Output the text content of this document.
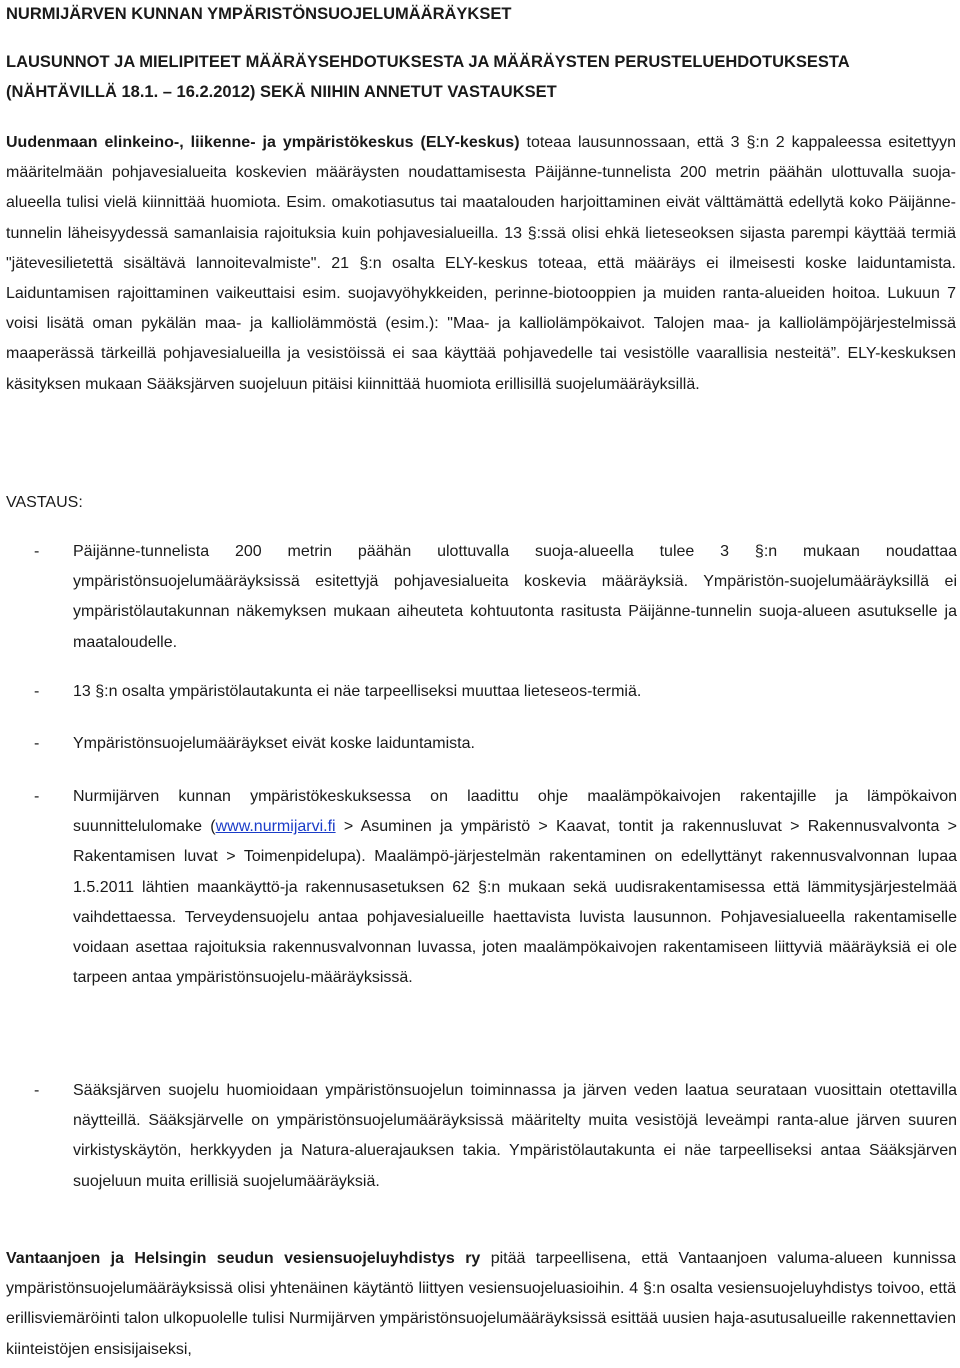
NURMIJÄRVEN KUNNAN YMPÄRISTÖNSUOJELUMÄÄRÄYKSET
LAUSUNNOT JA MIELIPITEET MÄÄRÄYSEHDOTUKSESTA JA MÄÄRÄYSTEN PERUSTELUEHDOTUKSESTA
(NÄHTÄVILLÄ 18.1. – 16.2.2012) SEKÄ NIIHIN ANNETUT VASTAUKSET

Uudenmaan elinkeino-, liikenne- ja ympäristökeskus (ELY-keskus) toteaa lausunnossaan, että 3 §:n 2 kappaleessa esitettyyn määritelmään pohjavesialueita koskevien määräysten noudattamisesta Päijänne-tunnelista 200 metrin päähän ulottuvalla suoja-alueella tulisi vielä kiinnittää huomiota. Esim. omakotiasutus tai maatalouden harjoittaminen eivät välttämättä edellytä koko Päijänne-tunnelin läheisyydessä samanlaisia rajoituksia kuin pohjavesialueilla. 13 §:ssä olisi ehkä lieteseoksen sijasta parempi käyttää termiä "jätevesilietettä sisältävä lannoitevalmiste". 21 §:n osalta ELY-keskus toteaa, että määräys ei ilmeisesti koske laiduntamista. Laiduntamisen rajoittaminen vaikeuttaisi esim. suojavyöhykkeiden, perinne-biotooppien ja muiden ranta-alueiden hoitoa. Lukuun 7 voisi lisätä oman pykälän maa- ja kalliolämmöstä (esim.): "Maa- ja kalliolämpökaivot. Talojen maa- ja kalliolämpöjärjestelmissä maaperässä tärkeillä pohjavesialueilla ja vesistöissä ei saa käyttää pohjavedelle tai vesistölle vaarallisia nesteitä”. ELY-keskuksen käsityksen mukaan Sääksjärven suojeluun pitäisi kiinnittää huomiota erillisillä suojelumääräyksillä.

VASTAUS:

- Päijänne-tunnelista 200 metrin päähän ulottuvalla suoja-alueella tulee 3 §:n mukaan noudattaa ympäristönsuojelumääräyksissä esitettyjä pohjavesialueita koskevia määräyksiä. Ympäristön-suojelumääräyksillä ei ympäristölautakunnan näkemyksen mukaan aiheuteta kohtuutonta rasitusta Päijänne-tunnelin suoja-alueen asutukselle ja maataloudelle.

- 13 §:n osalta ympäristölautakunta ei näe tarpeelliseksi muuttaa lieteseos-termiä.

- Ympäristönsuojelumääräykset eivät koske laiduntamista.

- Nurmijärven kunnan ympäristökeskuksessa on laadittu ohje maalämpökaivojen rakentajille ja lämpökaivon suunnittelulomake (www.nurmijarvi.fi > Asuminen ja ympäristö > Kaavat, tontit ja rakennusluvat > Rakennusvalvonta > Rakentamisen luvat > Toimenpidelupa). Maalämpö-järjestelmän rakentaminen on edellyttänyt rakennusvalvonnan lupaa 1.5.2011 lähtien maankäyttö-ja rakennusasetuksen 62 §:n mukaan sekä uudisrakentamisessa että lämmitysjärjestelmää vaihdettaessa. Terveydensuojelu antaa pohjavesialueille haettavista luvista lausunnon. Pohjavesialueella rakentamiselle voidaan asettaa rajoituksia rakennusvalvonnan luvassa, joten maalämpökaivojen rakentamiseen liittyviä määräyksiä ei ole tarpeen antaa ympäristönsuojelu-määräyksissä.

- Sääksjärven suojelu huomioidaan ympäristönsuojelun toiminnassa ja järven veden laatua seurataan vuosittain otettavilla näytteillä. Sääksjärvelle on ympäristönsuojelumääräyksissä määritelty muita vesistöjä leveämpi ranta-alue järven suuren virkistyskäytön, herkkyyden ja Natura-aluerajauksen takia. Ympäristölautakunta ei näe tarpeelliseksi antaa Sääksjärven suojeluun muita erillisiä suojelumääräyksiä.

Vantaanjoen ja Helsingin seudun vesiensuojeluyhdistys ry pitää tarpeellisena, että Vantaanjoen valuma-alueen kunnissa ympäristönsuojelumääräyksissä olisi yhtenäinen käytäntö liittyen vesiensuojeluasioihin. 4 §:n osalta vesiensuojeluyhdistys toivoo, että erillisviemäröinti talon ulkopuolelle tulisi Nurmijärven ympäristönsuojelumääräyksissä esittää uusien haja-asutusalueille rakennettavien kiinteistöjen ensisijaiseksi,
